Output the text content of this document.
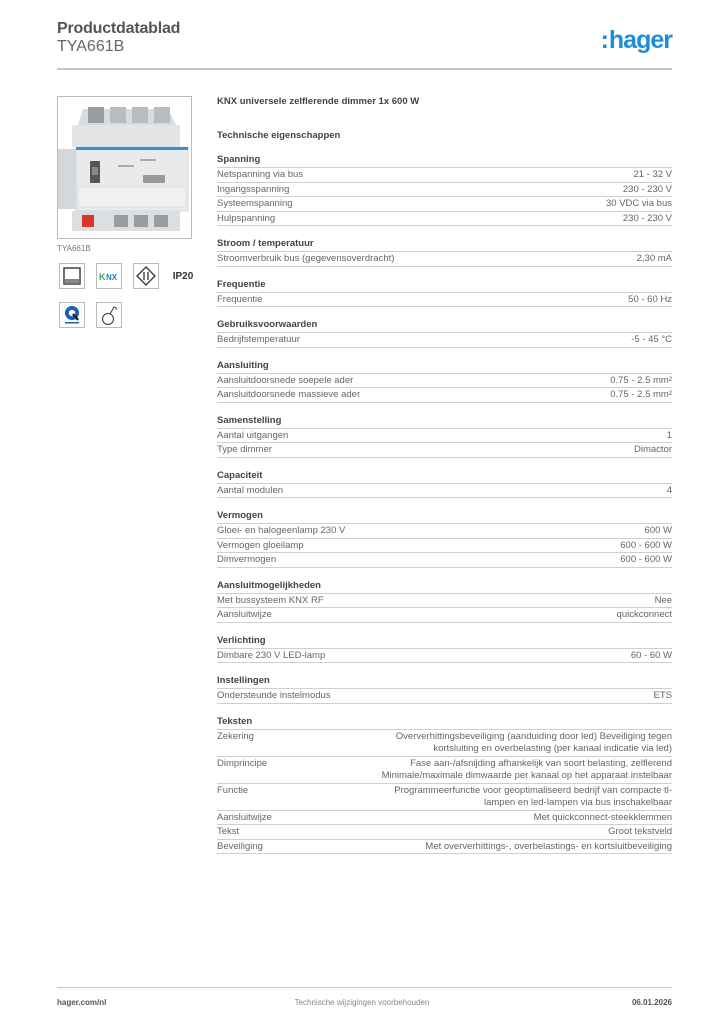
Productdatablad
TYA661B	:hager
TYA661B
K NX	IP20
KNX universele zelflerende dimmer 1x 600 W
Technische eigenschappen
Spanning
Netspanning via bus	21 - 32 V
Ingangsspanning	230 - 230 V
Systeemspanning	30 VDC via bus
Hulpspanning	230 - 230 V
Stroom / temperatuur
Stroomverbruik bus (gegevensoverdracht)	2,30 mA
Frequentie
Frequentie	50 - 60 Hz
Gebruiksvoorwaarden
Bedrijfstemperatuur	-5 - 45 °C
Aansluiting
Aansluitdoorsnede soepele ader	0.75 - 2.5 mm²
Aansluitdoorsnede massieve ader	0.75 - 2.5 mm²
Samenstelling
Aantal uitgangen	1
Type dimmer	Dimactor
Capaciteit
Aantal modulen	4
Vermogen
Gloei- en halogeenlamp 230 V	600 W
Vermogen gloeilamp	600 - 600 W
Dimvermogen	600 - 600 W
Aansluitmogelijkheden
Met bussysteem KNX RF	Nee
Aansluitwijze	quickconnect
Verlichting
Dimbare 230 V LED-lamp	60 - 60 W
Instellingen
Ondersteunde instelmodus	ETS
Teksten
Zekering	Oververhittingsbeveiliging (aanduiding door led) Beveiliging tegen kortsluiting en overbelasting (per kanaal indicatie via led)
Dimprincipe	Fase aan-/afsnijding afhankelijk van soort belasting, zelflerend Minimale/maximale dimwaarde per kanaal op het apparaat instelbaar
Functie	Programmeerfunctie voor geoptimaliseerd bedrijf van compacte tl-lampen en led-lampen via bus inschakelbaar
Aansluitwijze	Met quickconnect-steekklemmen
Tekst	Groot tekstveld
Beveiliging	Met oververhittings-, overbelastings- en kortsluitbeveiliging
hager.com/nl	Technische wijzigingen voorbehouden	06.01.2026
